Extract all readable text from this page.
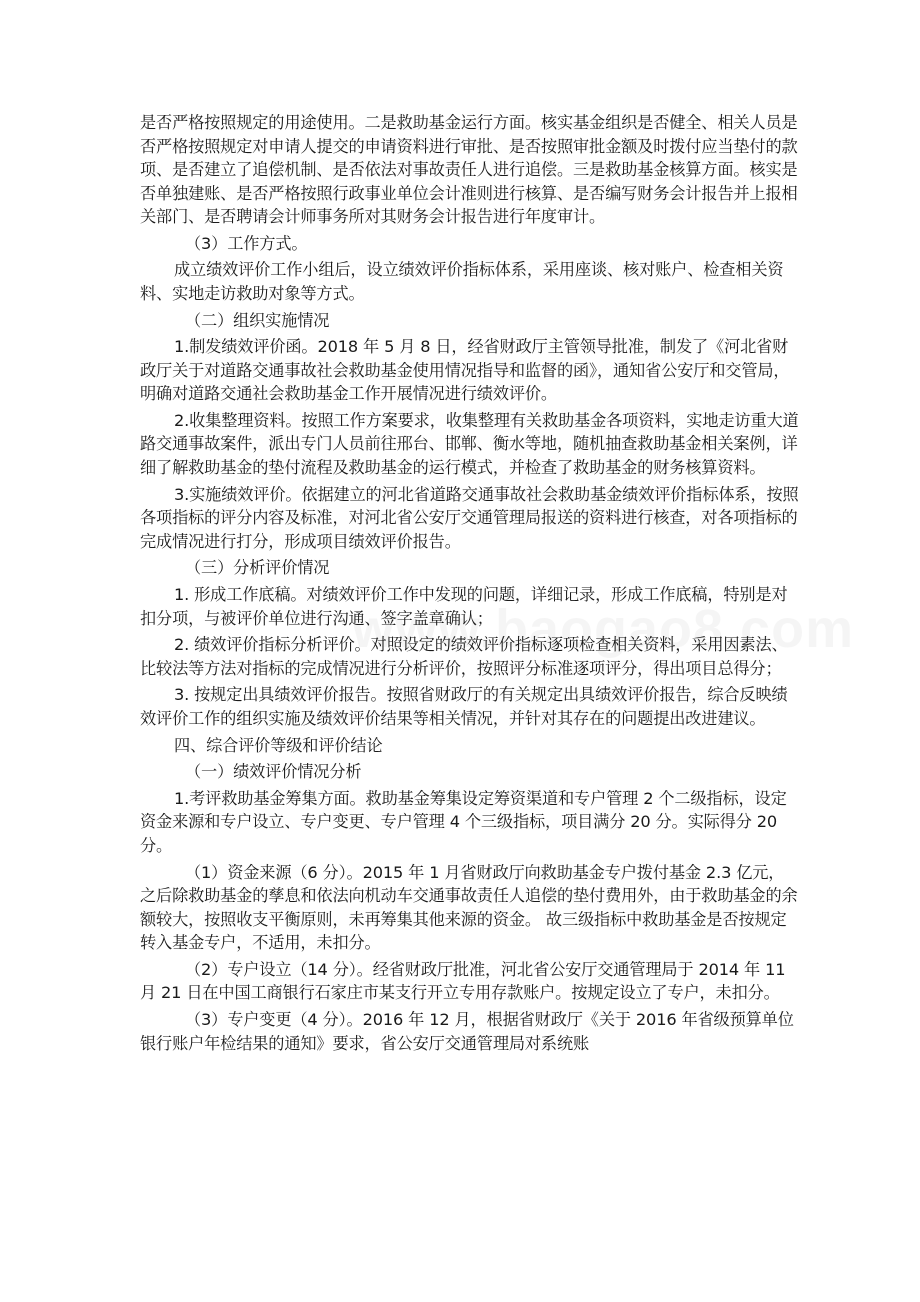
是否严格按照规定的用途使用。二是救助基金运行方面。核实基金组织是否健全、相关人员是否严格按照规定对申请人提交的申请资料进行审批、是否按照审批金额及时拨付应当垫付的款项、是否建立了追偿机制、是否依法对事故责任人进行追偿。三是救助基金核算方面。核实是否单独建账、是否严格按照行政事业单位会计准则进行核算、是否编写财务会计报告并上报相关部门、是否聘请会计师事务所对其财务会计报告进行年度审计。

（3）工作方式。

成立绩效评价工作小组后，设立绩效评价指标体系，采用座谈、核对账户、检查相关资料、实地走访救助对象等方式。

（二）组织实施情况

1.制发绩效评价函。2018 年 5 月 8 日，经省财政厅主管领导批准，制发了《河北省财政厅关于对道路交通事故社会救助基金使用情况指导和监督的函》，通知省公安厅和交管局，明确对道路交通社会救助基金工作开展情况进行绩效评价。

2.收集整理资料。按照工作方案要求，收集整理有关救助基金各项资料，实地走访重大道路交通事故案件，派出专门人员前往邢台、邯郸、衡水等地，随机抽查救助基金相关案例，详细了解救助基金的垫付流程及救助基金的运行模式，并检查了救助基金的财务核算资料。

3.实施绩效评价。依据建立的河北省道路交通事故社会救助基金绩效评价指标体系，按照各项指标的评分内容及标准，对河北省公安厅交通管理局报送的资料进行核查，对各项指标的完成情况进行打分，形成项目绩效评价报告。

（三）分析评价情况

1. 形成工作底稿。对绩效评价工作中发现的问题，详细记录，形成工作底稿，特别是对扣分项，与被评价单位进行沟通、签字盖章确认；

2. 绩效评价指标分析评价。对照设定的绩效评价指标逐项检查相关资料，采用因素法、比较法等方法对指标的完成情况进行分析评价，按照评分标准逐项评分，得出项目总得分；

3. 按规定出具绩效评价报告。按照省财政厅的有关规定出具绩效评价报告，综合反映绩效评价工作的组织实施及绩效评价结果等相关情况，并针对其存在的问题提出改进建议。

四、综合评价等级和评价结论

（一）绩效评价情况分析

1.考评救助基金筹集方面。救助基金筹集设定筹资渠道和专户管理 2 个二级指标，设定资金来源和专户设立、专户变更、专户管理 4 个三级指标，项目满分 20 分。实际得分 20 分。

（1）资金来源（6 分）。2015 年 1 月省财政厅向救助基金专户拨付基金 2.3 亿元，之后除救助基金的孳息和依法向机动车交通事故责任人追偿的垫付费用外，由于救助基金的余额较大，按照收支平衡原则，未再筹集其他来源的资金。 故三级指标中救助基金是否按规定转入基金专户，不适用，未扣分。

（2）专户设立（14 分）。经省财政厅批准，河北省公安厅交通管理局于 2014 年 11 月 21 日在中国工商银行石家庄市某支行开立专用存款账户。按规定设立了专户，未扣分。

（3）专户变更（4 分）。2016 年 12 月，根据省财政厅《关于 2016 年省级预算单位银行账户年检结果的通知》要求，省公安厅交通管理局对系统账
